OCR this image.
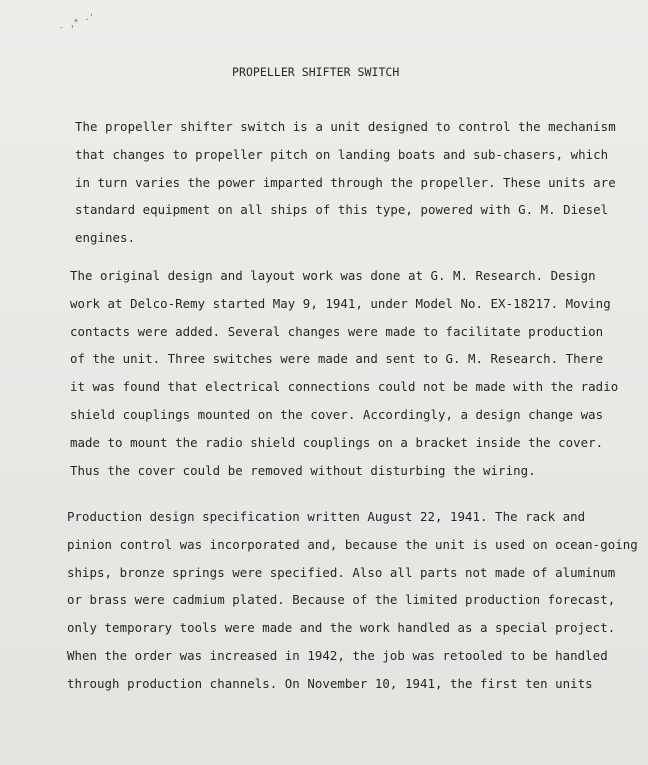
- ,* -'
PROPELLER SHIFTER SWITCH
The propeller shifter switch is a unit designed to control the mechanism
that changes to propeller pitch on landing boats and sub-chasers, which
in turn varies the power imparted through the propeller. These units are
standard equipment on all ships of this type, powered with G. M. Diesel
engines.
The original design and layout work was done at G. M. Research. Design
work at Delco-Remy started May 9, 1941, under Model No. EX-18217. Moving
contacts were added. Several changes were made to facilitate production
of the unit. Three switches were made and sent to G. M. Research. There
it was found that electrical connections could not be made with the radio
shield couplings mounted on the cover. Accordingly, a design change was
made to mount the radio shield couplings on a bracket inside the cover.
Thus the cover could be removed without disturbing the wiring.
Production design specification written August 22, 1941. The rack and
pinion control was incorporated and, because the unit is used on ocean-going
ships, bronze springs were specified. Also all parts not made of aluminum
or brass were cadmium plated. Because of the limited production forecast,
only temporary tools were made and the work handled as a special project.
When the order was increased in 1942, the job was retooled to be handled
through production channels. On November 10, 1941, the first ten units
